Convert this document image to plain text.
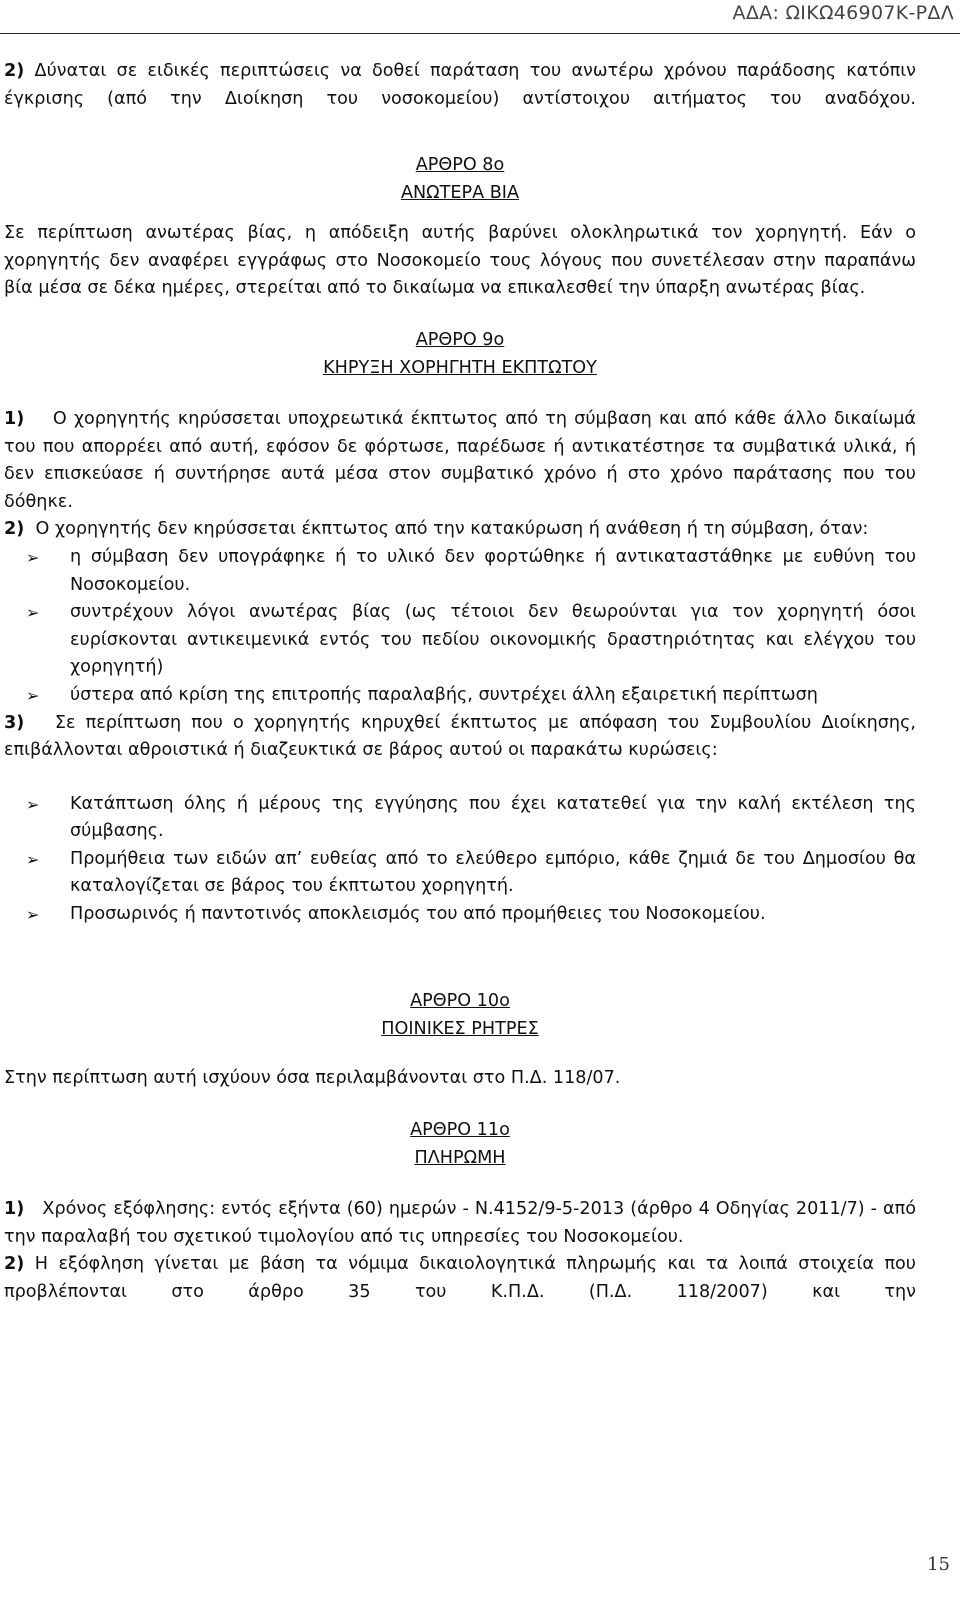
ΑΔΑ: ΩΙΚΩ46907Κ-ΡΔΛ

2) Δύναται σε ειδικές περιπτώσεις να δοθεί παράταση του ανωτέρω χρόνου παράδοσης κατόπιν έγκρισης (από την Διοίκηση του νοσοκομείου) αντίστοιχου αιτήματος του αναδόχου.

ΑΡΘΡΟ 8ο
ΑΝΩΤΕΡΑ ΒΙΑ

Σε περίπτωση ανωτέρας βίας, η απόδειξη αυτής βαρύνει ολοκληρωτικά τον χορηγητή. Εάν ο χορηγητής δεν αναφέρει εγγράφως στο Νοσοκομείο τους λόγους που συνετέλεσαν στην παραπάνω βία μέσα σε δέκα ημέρες, στερείται από το δικαίωμα να επικαλεσθεί την ύπαρξη ανωτέρας βίας.

ΑΡΘΡΟ 9ο
ΚΗΡΥΞΗ ΧΟΡΗΓΗΤΗ ΕΚΠΤΩΤΟΥ

1)    Ο χορηγητής κηρύσσεται υποχρεωτικά έκπτωτος από τη σύμβαση και από κάθε άλλο δικαίωμά του που απορρέει από αυτή, εφόσον δε φόρτωσε, παρέδωσε ή αντικατέστησε τα συμβατικά υλικά, ή δεν επισκεύασε ή συντήρησε αυτά μέσα στον συμβατικό χρόνο ή στο χρόνο παράτασης που του δόθηκε.

2)  Ο χορηγητής δεν κηρύσσεται έκπτωτος από την κατακύρωση ή ανάθεση ή τη σύμβαση, όταν:

➢	η σύμβαση δεν υπογράφηκε ή το υλικό δεν φορτώθηκε ή αντικαταστάθηκε με ευθύνη του Νοσοκομείου.
➢	συντρέχουν λόγοι ανωτέρας βίας (ως τέτοιοι δεν θεωρούνται για τον χορηγητή όσοι ευρίσκονται αντικειμενικά εντός του πεδίου οικονομικής δραστηριότητας και ελέγχου του χορηγητή)
➢	ύστερα από κρίση της επιτροπής παραλαβής, συντρέχει άλλη εξαιρετική περίπτωση

3)   Σε περίπτωση που ο χορηγητής κηρυχθεί έκπτωτος με απόφαση του Συμβουλίου Διοίκησης, επιβάλλονται αθροιστικά ή διαζευκτικά σε βάρος αυτού οι παρακάτω κυρώσεις:

➢	Κατάπτωση όλης ή μέρους της εγγύησης που έχει κατατεθεί για την καλή εκτέλεση της σύμβασης.
➢	Προμήθεια των ειδών απ’ ευθείας από το ελεύθερο εμπόριο, κάθε ζημιά δε του Δημοσίου θα καταλογίζεται σε βάρος του έκπτωτου χορηγητή.
➢	Προσωρινός ή παντοτινός αποκλεισμός του από προμήθειες του Νοσοκομείου.
ΑΡΘΡΟ 10ο
ΠΟΙΝΙΚΕΣ ΡΗΤΡΕΣ

Στην περίπτωση αυτή ισχύουν όσα περιλαμβάνονται στο Π.Δ. 118/07.

ΑΡΘΡΟ 11ο
ΠΛΗΡΩΜΗ

1)   Χρόνος εξόφλησης: εντός εξήντα (60) ημερών - Ν.4152/9-5-2013 (άρθρο 4 Οδηγίας 2011/7) - από την παραλαβή του σχετικού τιμολογίου από τις υπηρεσίες του Νοσοκομείου.

2) Η εξόφληση γίνεται με βάση τα νόμιμα δικαιολογητικά πληρωμής και τα λοιπά στοιχεία που προβλέπονται στο άρθρο 35 του Κ.Π.Δ. (Π.Δ. 118/2007) και την

15
